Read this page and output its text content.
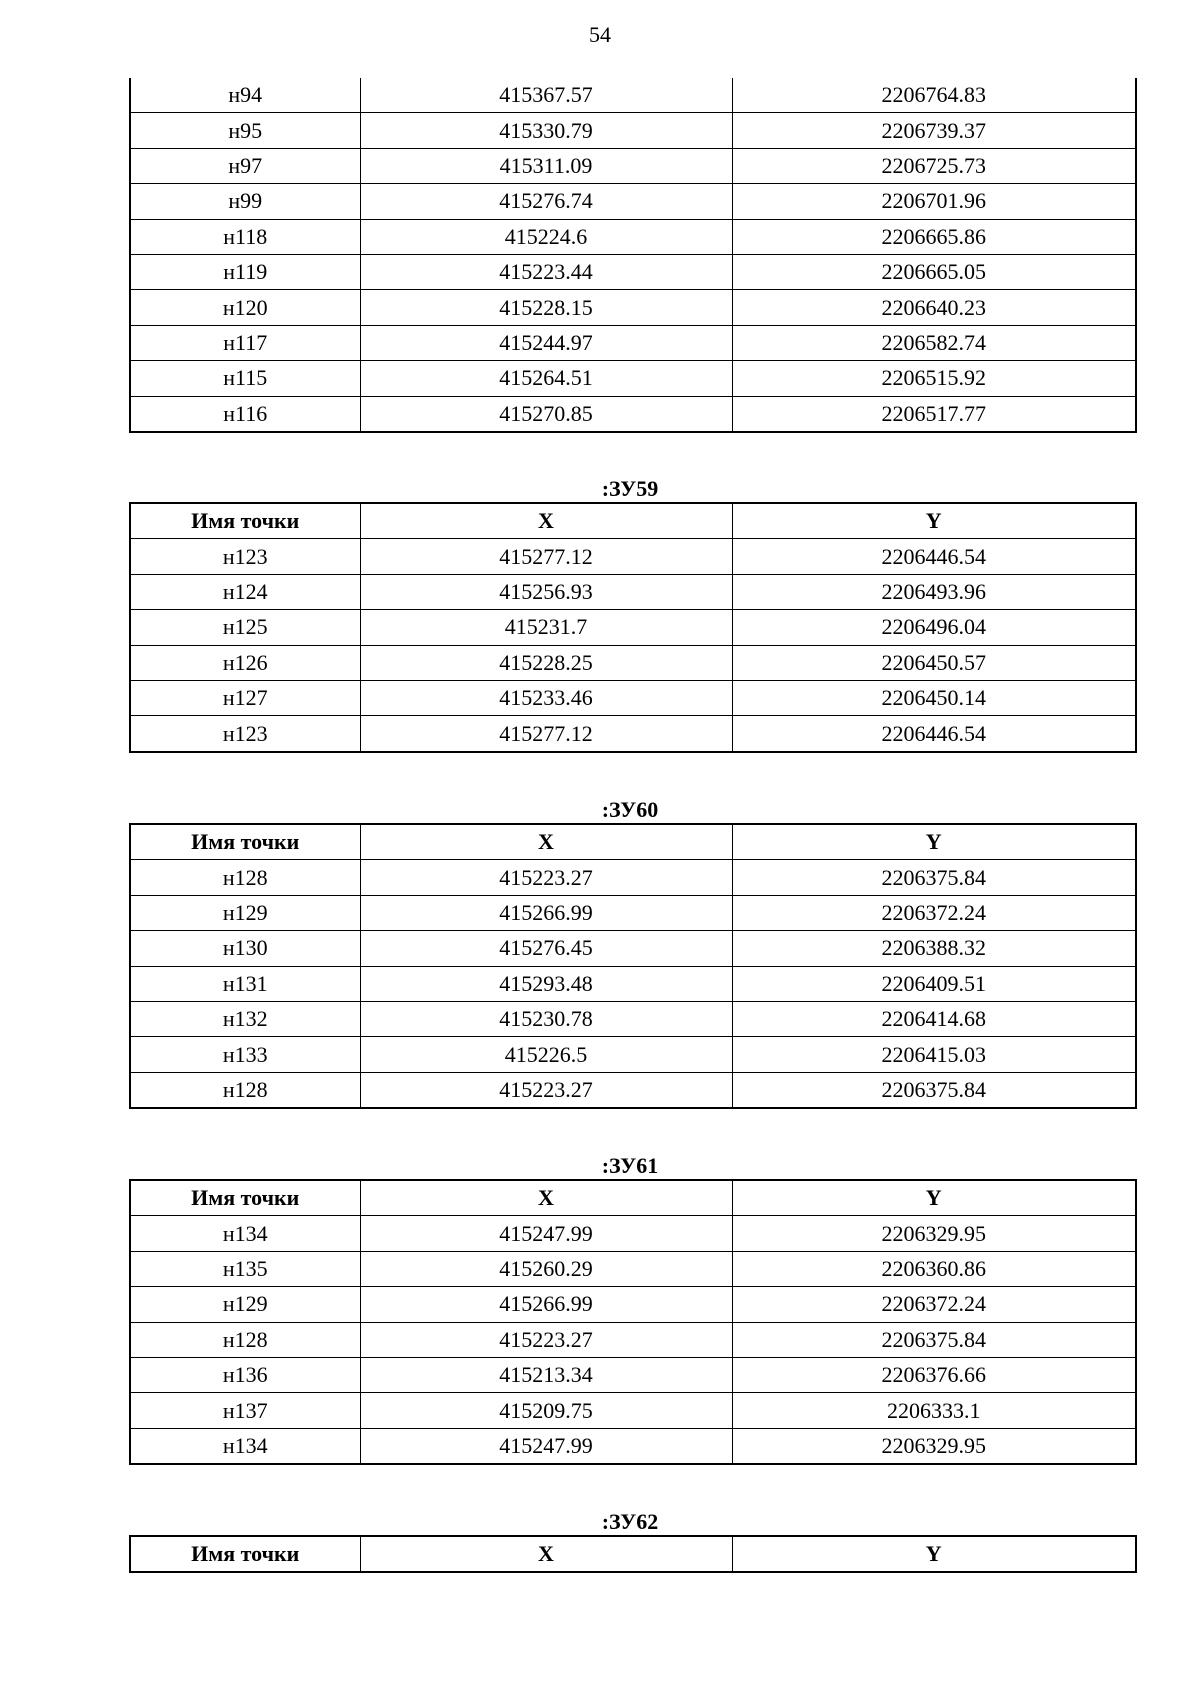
54
н94	415367.57	2206764.83
н95	415330.79	2206739.37
н97	415311.09	2206725.73
н99	415276.74	2206701.96
н118	415224.6	2206665.86
н119	415223.44	2206665.05
н120	415228.15	2206640.23
н117	415244.97	2206582.74
н115	415264.51	2206515.92
н116	415270.85	2206517.77
:ЗУ59
Имя точки	X	Y
н123	415277.12	2206446.54
н124	415256.93	2206493.96
н125	415231.7	2206496.04
н126	415228.25	2206450.57
н127	415233.46	2206450.14
н123	415277.12	2206446.54
:ЗУ60
Имя точки	X	Y
н128	415223.27	2206375.84
н129	415266.99	2206372.24
н130	415276.45	2206388.32
н131	415293.48	2206409.51
н132	415230.78	2206414.68
н133	415226.5	2206415.03
н128	415223.27	2206375.84
:ЗУ61
Имя точки	X	Y
н134	415247.99	2206329.95
н135	415260.29	2206360.86
н129	415266.99	2206372.24
н128	415223.27	2206375.84
н136	415213.34	2206376.66
н137	415209.75	2206333.1
н134	415247.99	2206329.95
:ЗУ62
Имя точки	X	Y
